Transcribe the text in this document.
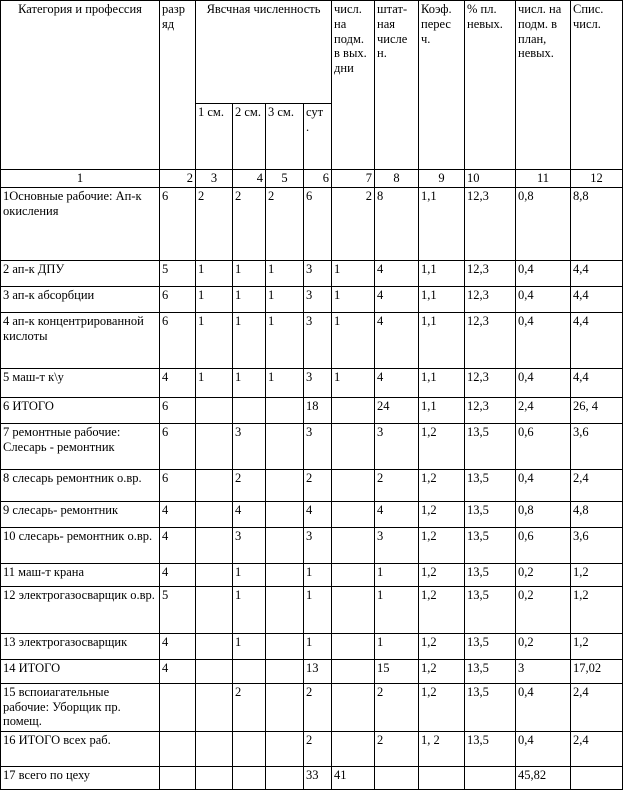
Категория и профессия	разр яд	Явсчная численность				числ. на подм. в вых. дни	штат-ная числе н.	Коэф. перес ч.	% пл. невых.	числ. на подм. в план, невых.	Спис. числ.
		1 см.	2 см.	3 см.	сут .						
1	2	3	4	5	6	7	8	9	10	11	12
1Основные рабочие: Ап-к окисления	6	2	2	2	6	2	8	1,1	12,3	0,8	8,8
2 ап-к ДПУ	5	1	1	1	3	1	4	1,1	12,3	0,4	4,4
3 ап-к абсорбции	6	1	1	1	3	1	4	1,1	12,3	0,4	4,4
4 ап-к концентрированной кислоты	6	1	1	1	3	1	4	1,1	12,3	0,4	4,4
5 маш-т к\у	4	1	1	1	3	1	4	1,1	12,3	0,4	4,4
6 ИТОГО	6				18		24	1,1	12,3	2,4	26, 4
7 ремонтные рабочие: Слесарь - ремонтник	6		3		3		3	1,2	13,5	0,6	3,6
8 слесарь ремонтник о.вр.	6		2		2		2	1,2	13,5	0,4	2,4
9 слесарь- ремонтник	4		4		4		4	1,2	13,5	0,8	4,8
10 слесарь- ремонтник о.вр.	4		3		3		3	1,2	13,5	0,6	3,6
11 маш-т крана	4		1		1		1	1,2	13,5	0,2	1,2
12 электрогазосварщик о.вр.	5		1		1		1	1,2	13,5	0,2	1,2
13 электрогазосварщик	4		1		1		1	1,2	13,5	0,2	1,2
14 ИТОГО	4				13		15	1,2	13,5	3	17,02
15 вспоиагательные рабочие: Уборщик пр. помещ.			2		2		2	1,2	13,5	0,4	2,4
16 ИТОГО всех раб.					2		2	1, 2	13,5	0,4	2,4
17 всего по цеху					33	41				45,82	
